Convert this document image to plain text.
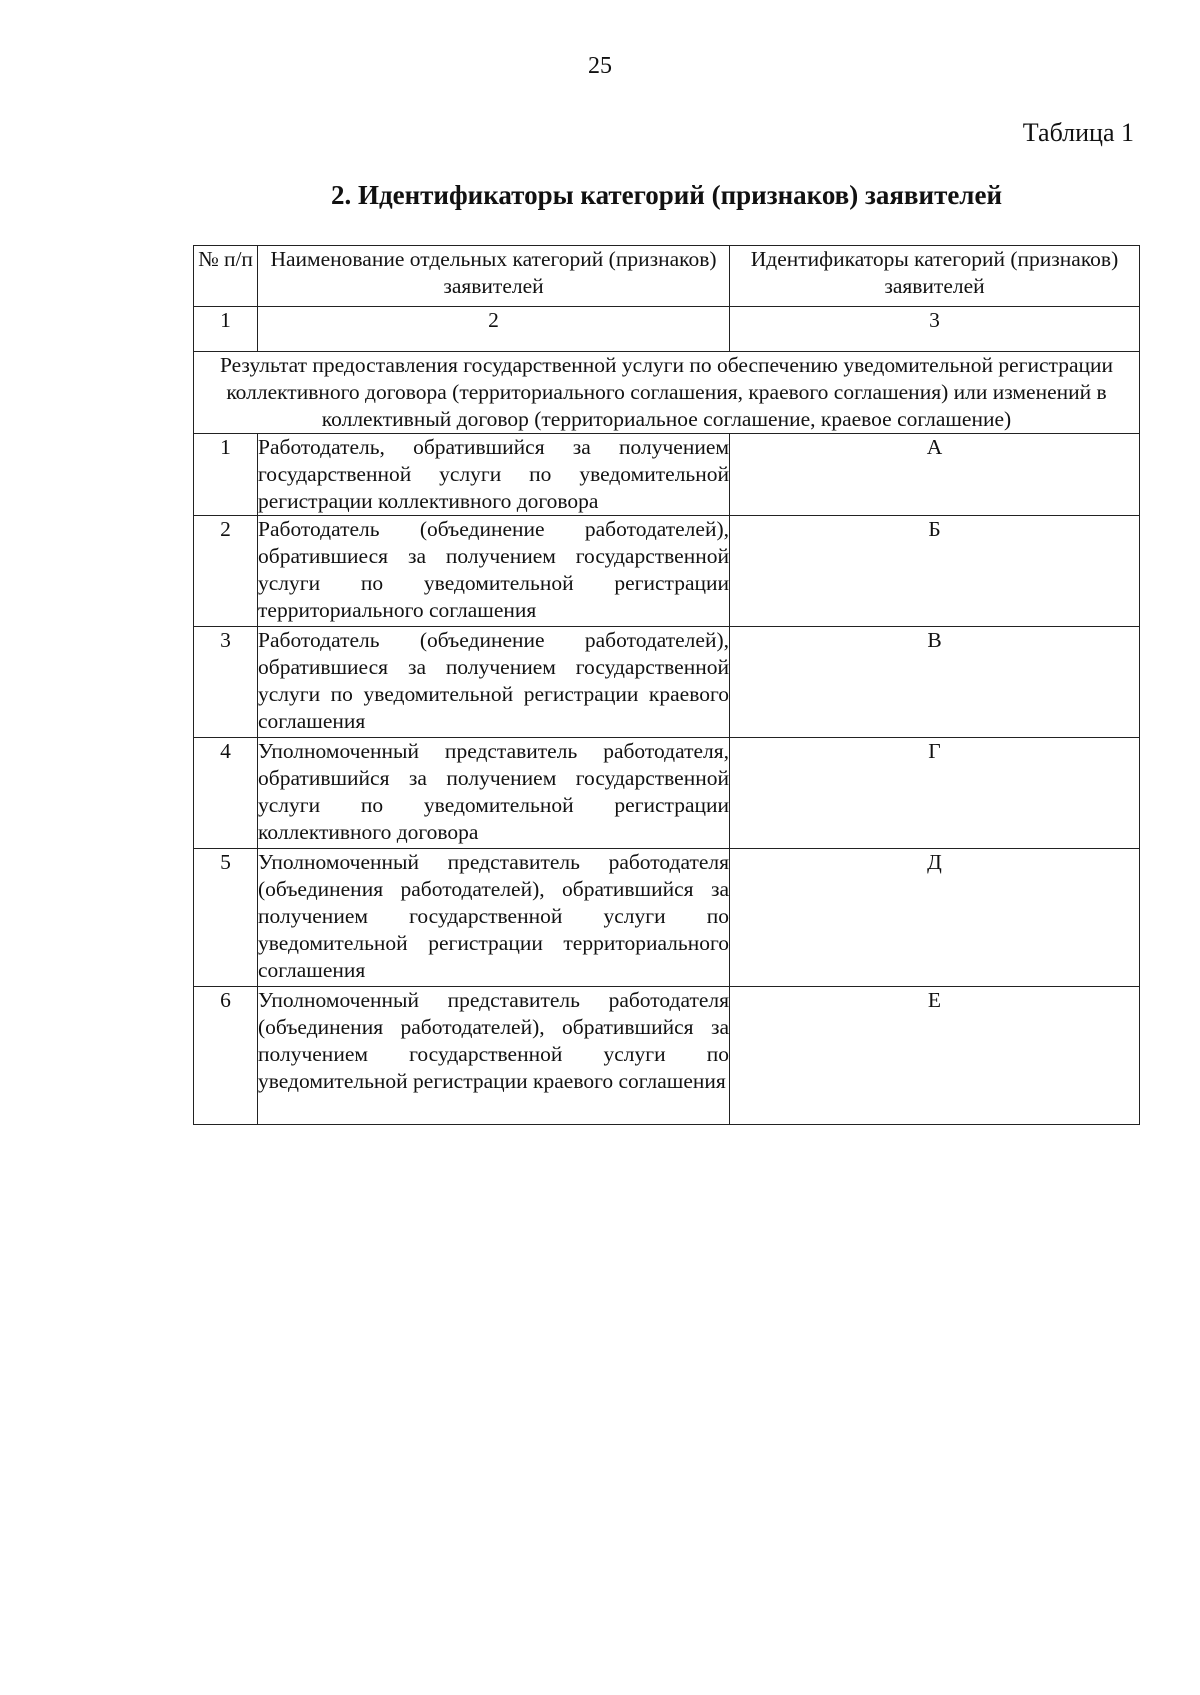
25
Таблица 1
2. Идентификаторы категорий (признаков) заявителей
№ п/п	Наименование отдельных категорий (признаков) заявителей	Идентификаторы категорий (признаков) заявителей
1	2	3
Результат предоставления государственной услуги по обеспечению уведомительной регистрации коллективного договора (территориального соглашения, краевого соглашения) или изменений в коллективный договор (территориальное соглашение, краевое соглашение)		
1	Работодатель, обратившийся за получением государственной услуги по уведомительной регистрации коллективного договора	А
2	Работодатель (объединение работодателей), обратившиеся за получением государственной услуги по уведомительной регистрации территориального соглашения	Б
3	Работодатель (объединение работодателей), обратившиеся за получением государственной услуги по уведомительной регистрации краевого соглашения	В
4	Уполномоченный представитель работодателя, обратившийся за получением государственной услуги по уведомительной регистрации коллективного договора	Г
5	Уполномоченный представитель работодателя (объединения работодателей), обратившийся за получением государственной услуги по уведомительной регистрации территориального соглашения	Д
6	Уполномоченный представитель работодателя (объединения работодателей), обратившийся за получением государственной услуги по уведомительной регистрации краевого соглашения	Е
